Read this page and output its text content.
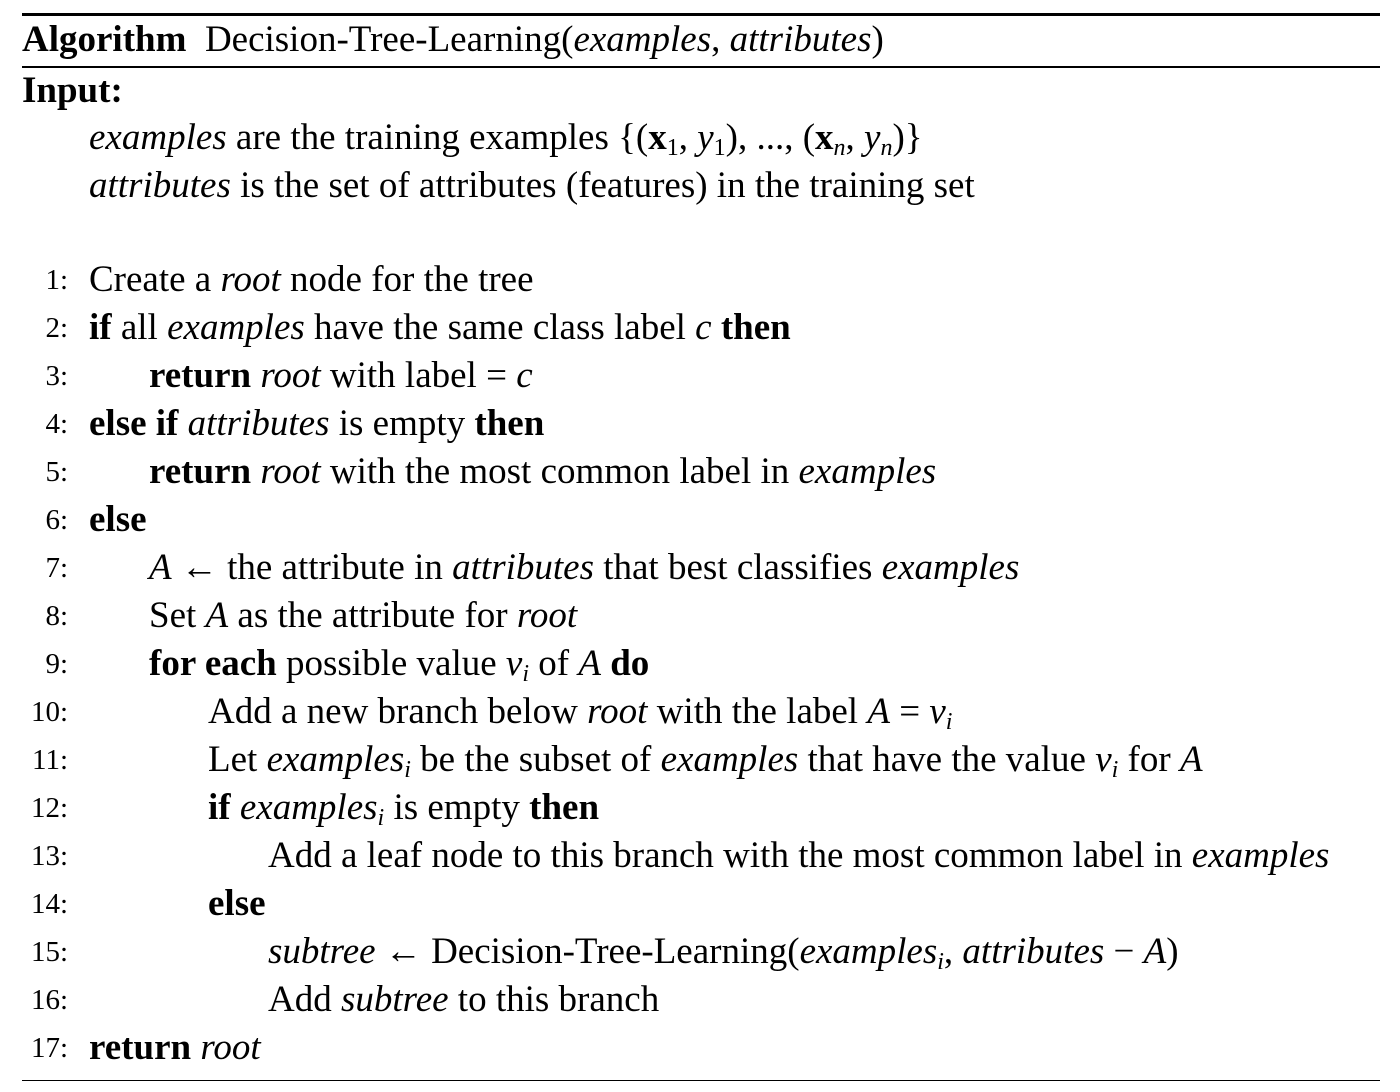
Algorithm Decision-Tree-Learning(examples, attributes)
Input:
examples are the training examples {($x_1$, $y_1$), ..., ($x_n$, $y_n$)}
attributes is the set of attributes (features) in the training set
1: Create a root node for the tree
2: if all examples have the same class label c then
3: return root with label = c
4: else if attributes is empty then
5: return root with the most common label in examples
6: else
7: A ← the attribute in attributes that best classifies examples
8: Set A as the attribute for root
9: for each possible value $v_i$ of A do
10:	Add a new branch below root with the label $A = v_i$
11:	Let examples$_i$ be the subset of examples that have the value $v_i$ for A
12:	if examples$_i$ is empty then
13:	Add a leaf node to this branch with the most common label in examples
14:	else
15:	subtree ← Decision-Tree-Learning(examples$_i$, attributes − A)
16:	Add subtree to this branch
17: return root
